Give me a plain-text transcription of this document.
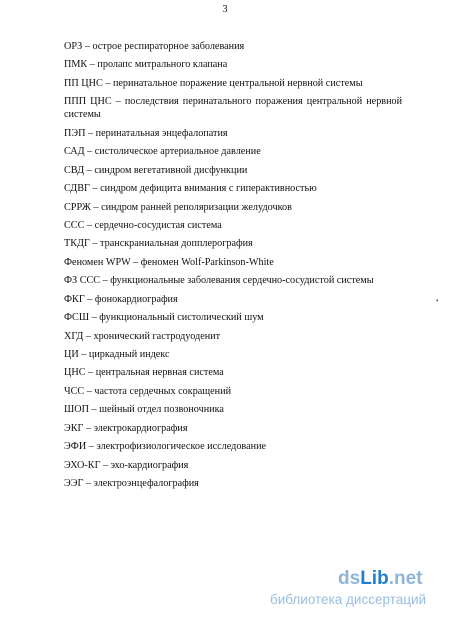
3
ОРЗ – острое респираторное заболевания
ПМК – пролапс митрального клапана
ПП ЦНС – перинатальное поражение центральной нервной системы
ППП ЦНС – последствия перинатального поражения центральной нервной
системы
ПЭП – перинатальная энцефалопатия
САД – систолическое артериальное давление
СВД – синдром вегетативной дисфункции
СДВГ – синдром дефицита внимания с гиперактивностью
СРРЖ – синдром ранней реполяризации желудочков
ССС – сердечно-сосудистая система
ТКДГ – транскраниальная допплерография
Феномен WPW – феномен Wolf-Parkinson-White
ФЗ ССС – функциональные заболевания сердечно-сосудистой системы
ФКГ – фонокардиография
ФСШ – функциональный систолический шум
ХГД – хронический гастродуоденит
ЦИ – циркадный индекс
ЦНС – центральная нервная система
ЧСС – частота сердечных сокращений
ШОП – шейный отдел позвоночника
ЭКГ – электрокардиография
ЭФИ – электрофизиологическое исследование
ЭХО-КГ – эхо-кардиография
ЭЭГ – электроэнцефалография
•
dsLib.net
библиотека диссертаций
